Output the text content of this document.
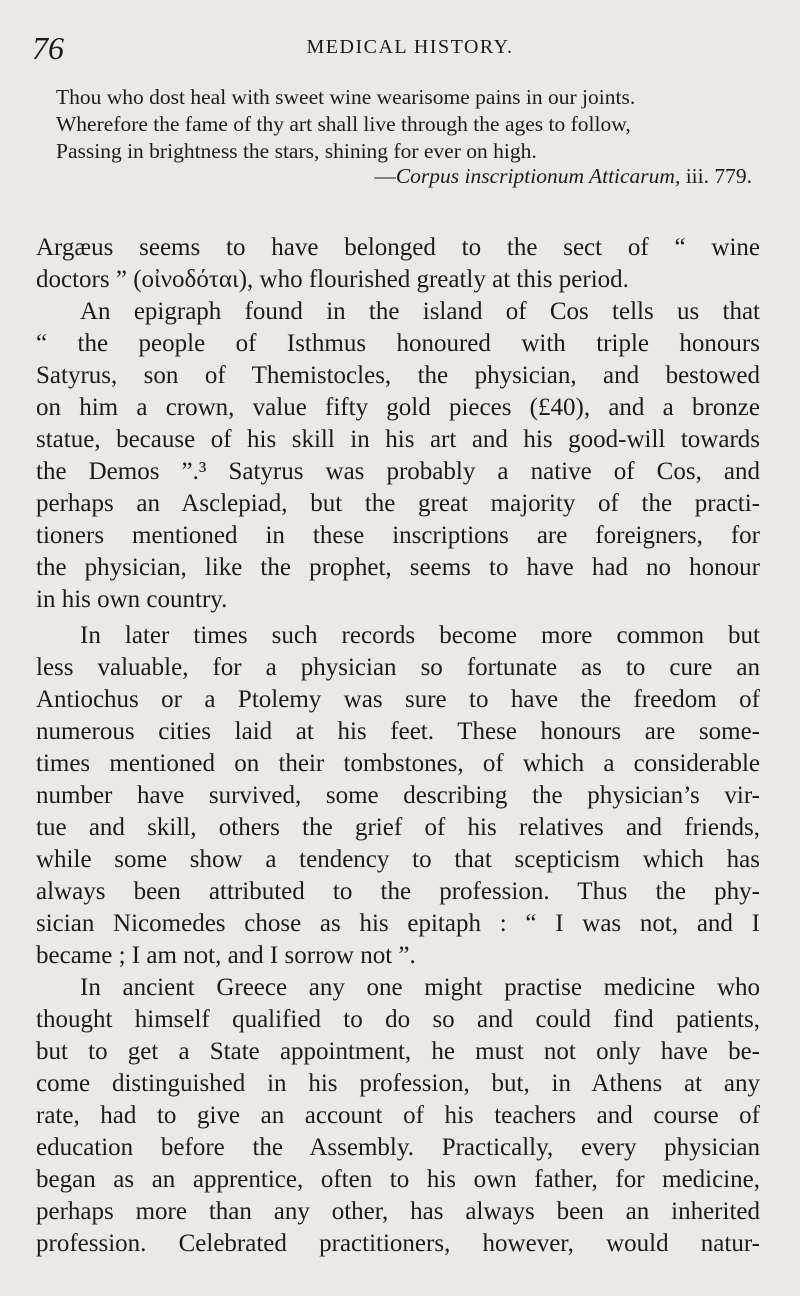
76	MEDICAL HISTORY.
Thou who dost heal with sweet wine wearisome pains in our joints.
Wherefore the fame of thy art shall live through the ages to follow,
Passing in brightness the stars, shining for ever on high.
—Corpus inscriptionum Atticarum, iii. 779.
Argæus seems to have belonged to the sect of “ wine
doctors ” (οἰνοδόται), who flourished greatly at this period.
An epigraph found in the island of Cos tells us that
“ the people of Isthmus honoured with triple honours
Satyrus, son of Themistocles, the physician, and bestowed
on him a crown, value fifty gold pieces (£40), and a bronze
statue, because of his skill in his art and his good-will towards
the Demos ”.³ Satyrus was probably a native of Cos, and
perhaps an Asclepiad, but the great majority of the practi-
tioners mentioned in these inscriptions are foreigners, for
the physician, like the prophet, seems to have had no honour
in his own country.
In later times such records become more common but
less valuable, for a physician so fortunate as to cure an
Antiochus or a Ptolemy was sure to have the freedom of
numerous cities laid at his feet. These honours are some-
times mentioned on their tombstones, of which a considerable
number have survived, some describing the physician’s vir-
tue and skill, others the grief of his relatives and friends,
while some show a tendency to that scepticism which has
always been attributed to the profession. Thus the phy-
sician Nicomedes chose as his epitaph : “ I was not, and I
became ; I am not, and I sorrow not ”.
In ancient Greece any one might practise medicine who
thought himself qualified to do so and could find patients,
but to get a State appointment, he must not only have be-
come distinguished in his profession, but, in Athens at any
rate, had to give an account of his teachers and course of
education before the Assembly. Practically, every physician
began as an apprentice, often to his own father, for medicine,
perhaps more than any other, has always been an inherited
profession. Celebrated practitioners, however, would natur-
